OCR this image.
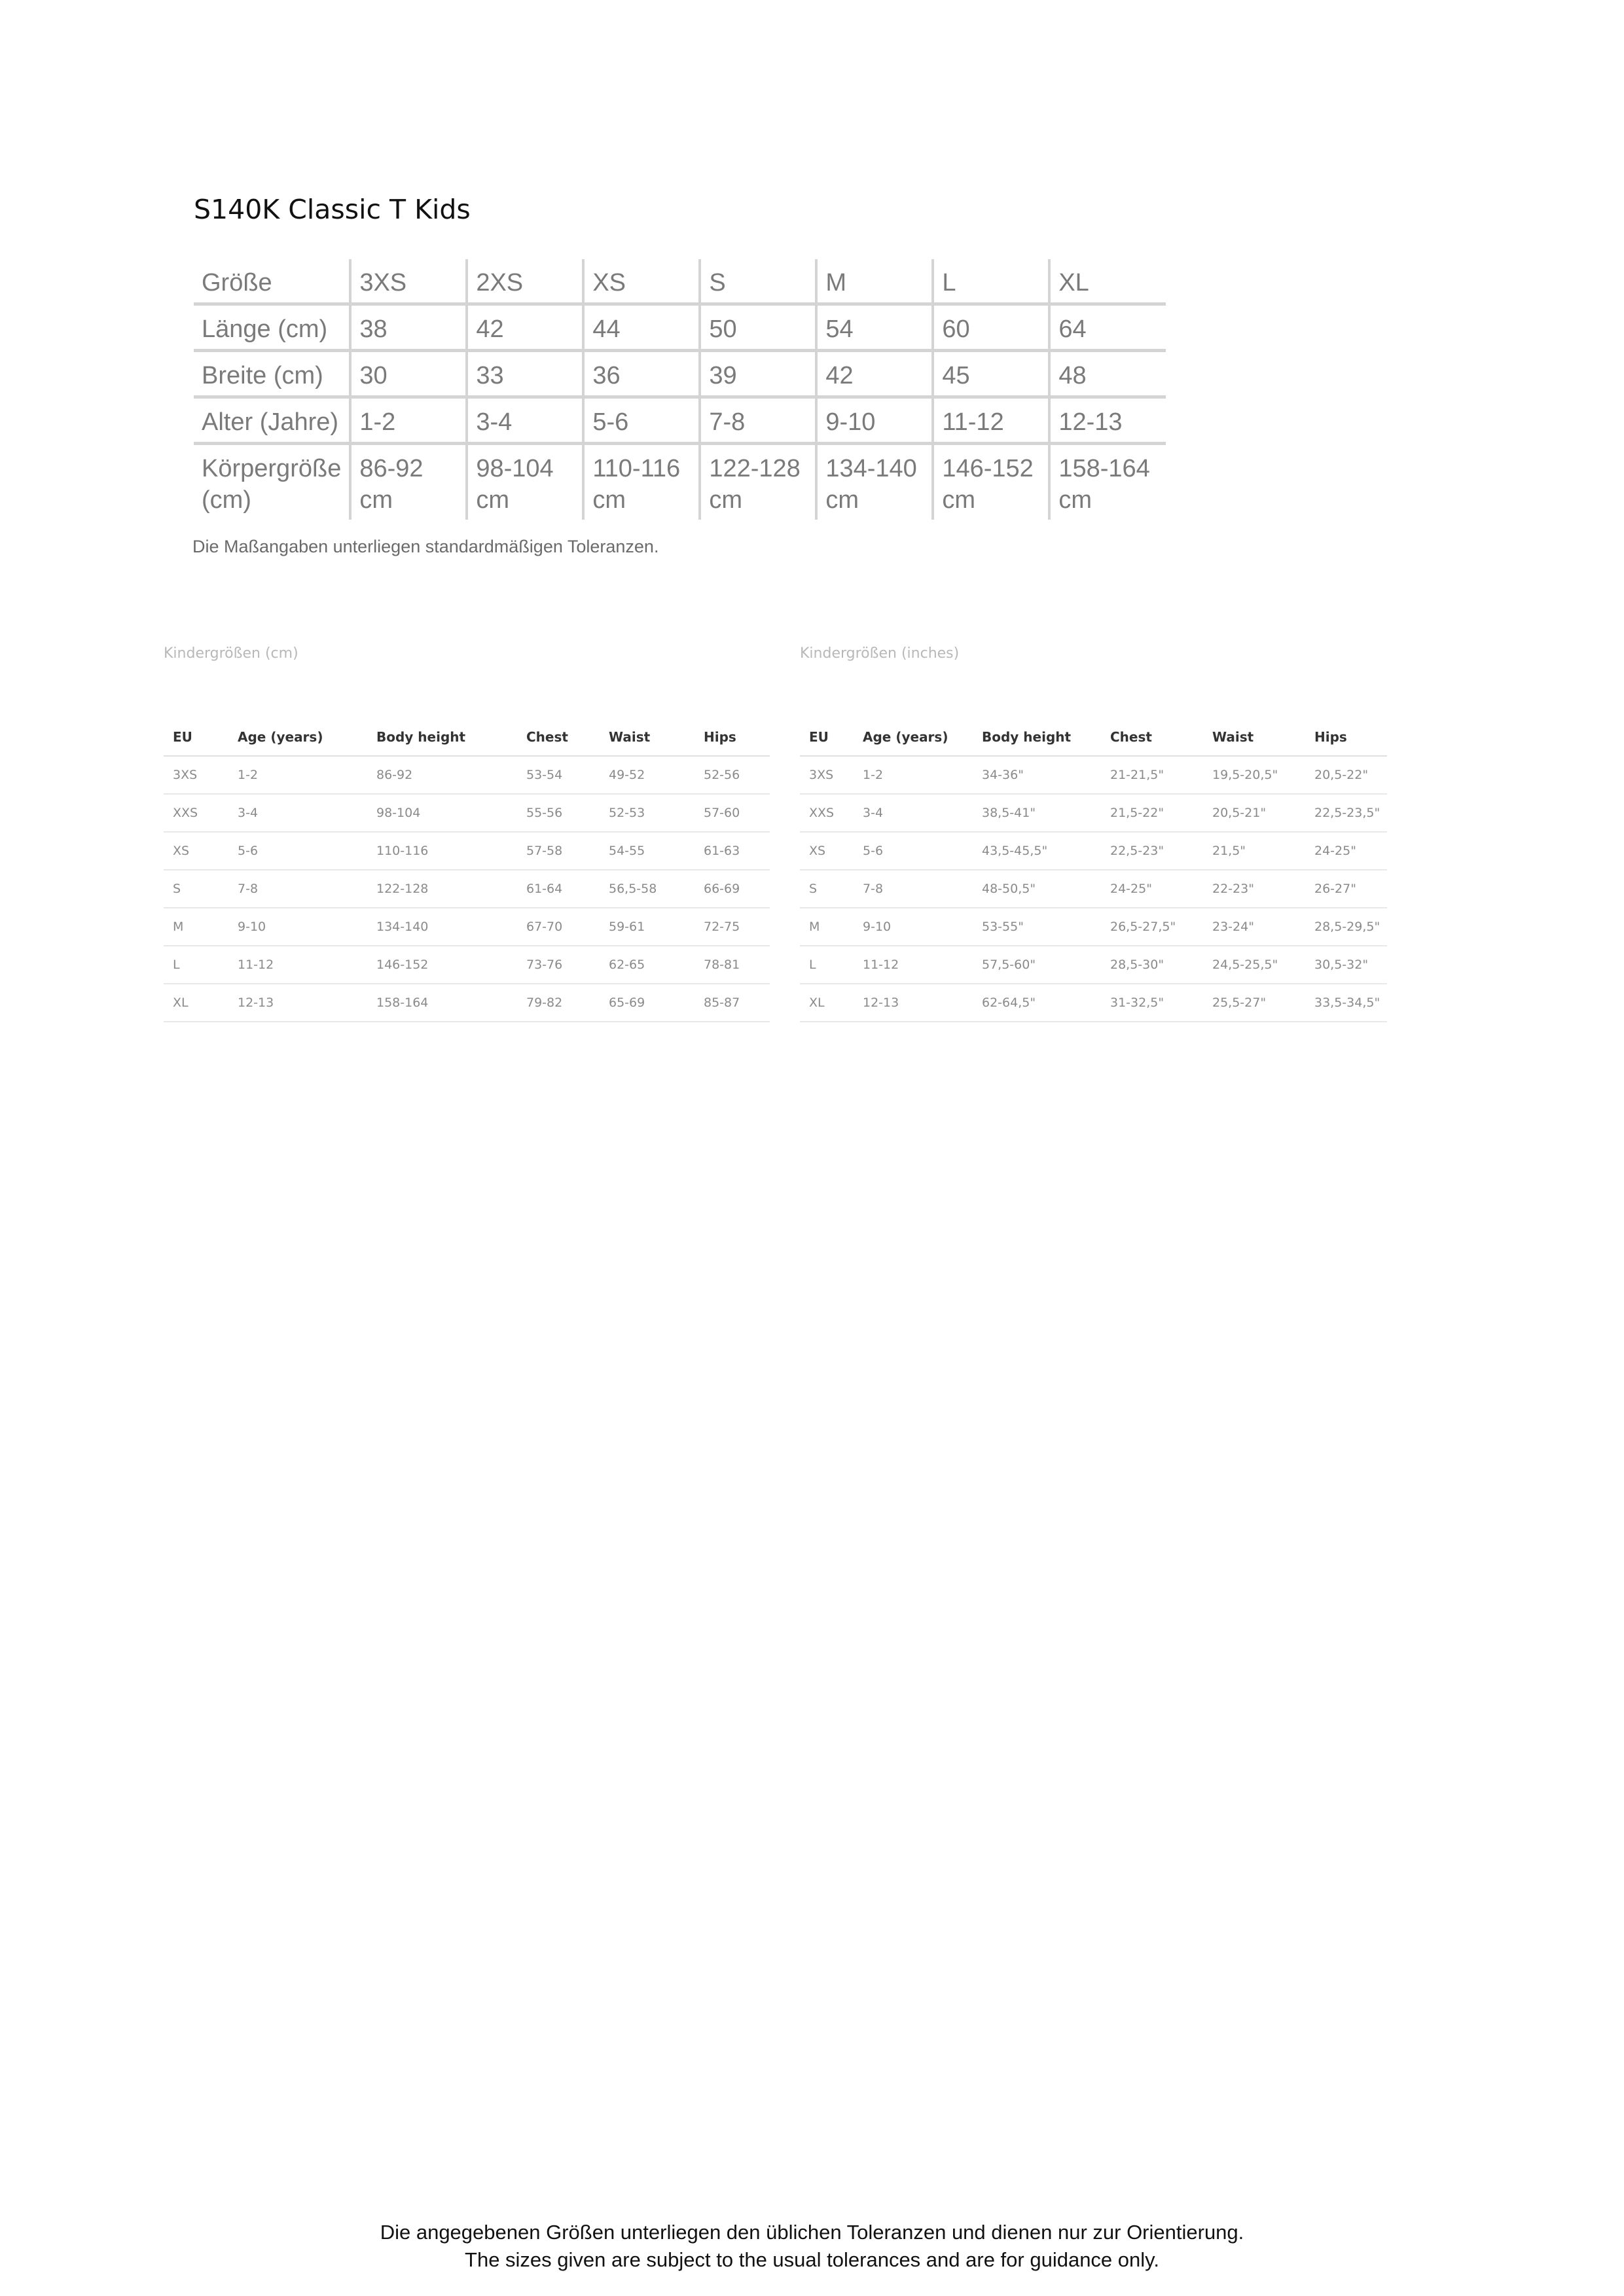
S140K Classic T Kids
Größe	3XS	2XS	XS	S	M	L	XL
Länge (cm)	38	42	44	50	54	60	64
Breite (cm)	30	33	36	39	42	45	48
Alter (Jahre)	1-2	3-4	5-6	7-8	9-10	11-12	12-13
Körpergröße (cm)	86-92 cm	98-104 cm	110-116 cm	122-128 cm	134-140 cm	146-152 cm	158-164 cm
Die Maßangaben unterliegen standardmäßigen Toleranzen.
Kindergrößen (cm)
EU	Age (years)	Body height	Chest	Waist	Hips
3XS	1-2	86-92	53-54	49-52	52-56
XXS	3-4	98-104	55-56	52-53	57-60
XS	5-6	110-116	57-58	54-55	61-63
S	7-8	122-128	61-64	56,5-58	66-69
M	9-10	134-140	67-70	59-61	72-75
L	11-12	146-152	73-76	62-65	78-81
XL	12-13	158-164	79-82	65-69	85-87
Kindergrößen (inches)
EU	Age (years)	Body height	Chest	Waist	Hips
3XS	1-2	34-36"	21-21,5"	19,5-20,5"	20,5-22"
XXS	3-4	38,5-41"	21,5-22"	20,5-21"	22,5-23,5"
XS	5-6	43,5-45,5"	22,5-23"	21,5"	24-25"
S	7-8	48-50,5"	24-25"	22-23"	26-27"
M	9-10	53-55"	26,5-27,5"	23-24"	28,5-29,5"
L	11-12	57,5-60"	28,5-30"	24,5-25,5"	30,5-32"
XL	12-13	62-64,5"	31-32,5"	25,5-27"	33,5-34,5"
Die angegebenen Größen unterliegen den üblichen Toleranzen und dienen nur zur Orientierung.
The sizes given are subject to the usual tolerances and are for guidance only.
